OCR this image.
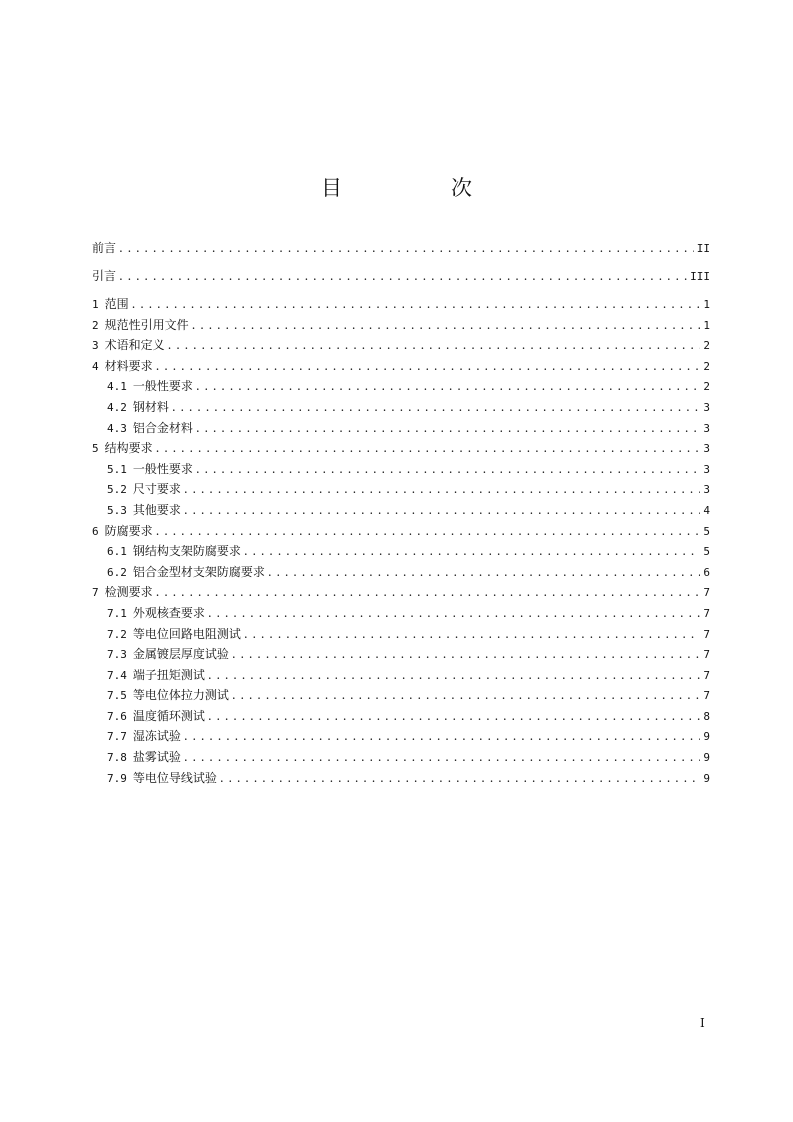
目　次
前言 . . .	II
引言 . . .	III
1 范围 . . .	1
2 规范性引用文件 . . .	1
3 术语和定义 . . .	2
4 材料要求 . . .	2
4.1 一般性要求 . . .	2
4.2 钢材料 . . .	3
4.3 铝合金材料 . . .	3
5 结构要求 . . .	3
5.1 一般性要求 . . .	3
5.2 尺寸要求 . . .	3
5.3 其他要求 . . .	4
6 防腐要求 . . .	5
6.1 钢结构支架防腐要求 . . .	5
6.2 铝合金型材支架防腐要求 . . .	6
7 检测要求 . . .	7
7.1 外观核查要求 . . .	7
7.2 等电位回路电阻测试 . . .	7
7.3 金属镀层厚度试验 . . .	7
7.4 端子扭矩测试 . . .	7
7.5 等电位体拉力测试 . . .	7
7.6 温度循环测试 . . .	8
7.7 湿冻试验 . . .	9
7.8 盐雾试验 . . .	9
7.9 等电位导线试验 . . .	9
I
